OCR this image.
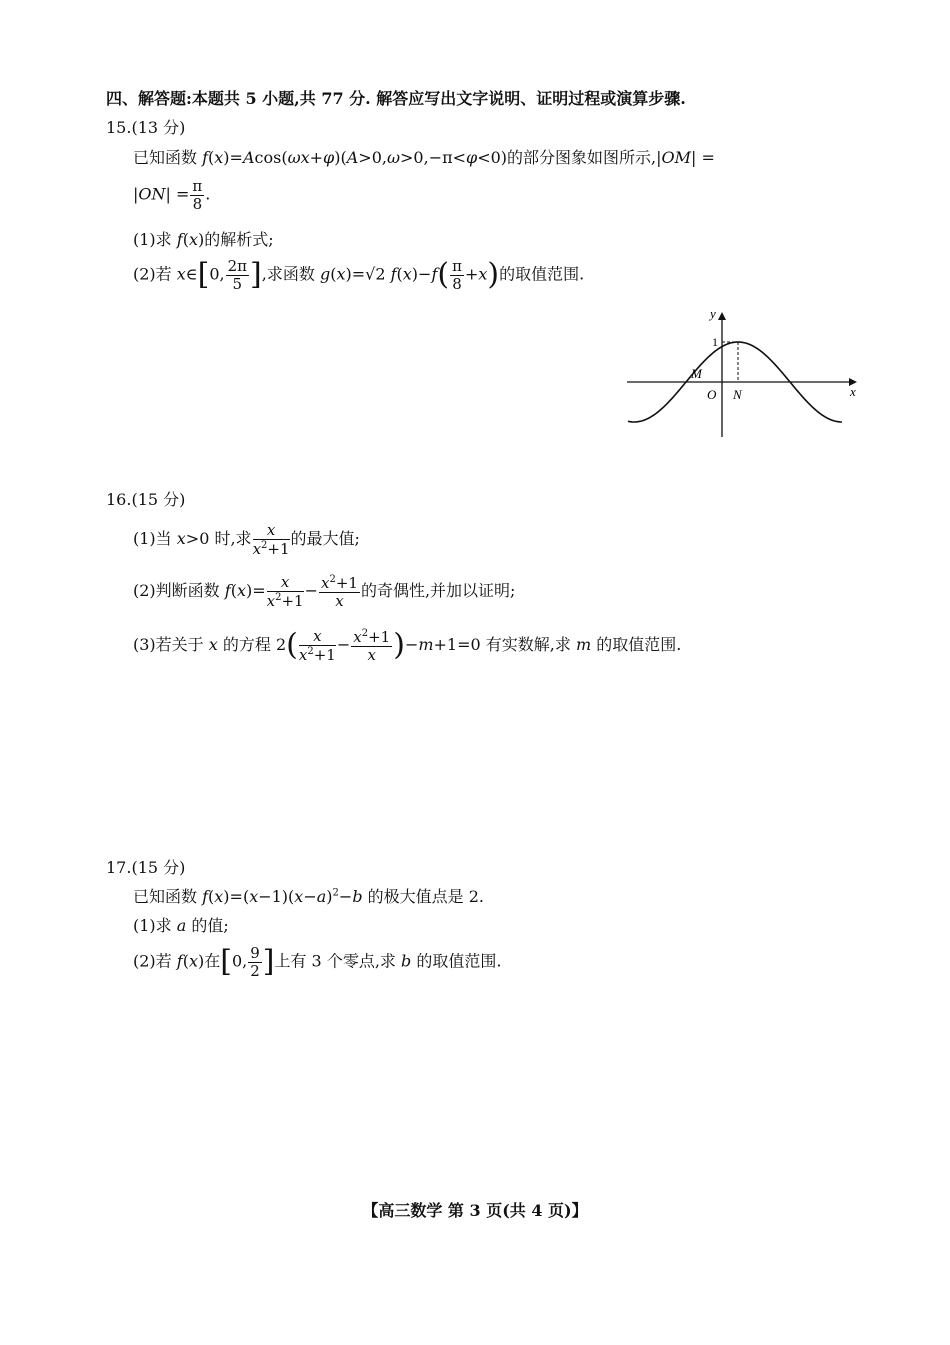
四、解答题:本题共 5 小题,共 77 分. 解答应写出文字说明、证明过程或演算步骤.
15.(13 分)
已知函数 f(x)=Acos(ωx+φ)(A>0,ω>0,−π<φ<0)的部分图象如图所示,|OM| =
$|ON| = \frac{\pi}{8}$ .
(1)求 f(x)的解析式;
(2)若 x∈[0, $\frac{2\pi}{5}$ ],求函数 g(x)=√2 $f(x)-f( \frac{\pi}{8} +x)$的取值范围.
y
x
1
M
O N
16.(15 分)
(1)当 x>0 时,求 $\frac{x}{x^2+1}$ 的最大值;
(2)判断函数 $f(x)= \frac{x}{x^2+1} - \frac{x^2+1}{x}$ 的奇偶性,并加以证明;
(3)若关于 x 的方程 $2( \frac{x}{x^2+1} - \frac{x^2+1}{x} )-m+1=0$ 有实数解,求 m 的取值范围.
17.(15 分)
已知函数 $f(x)=(x-1)(x-a)^2-b$ 的极大值点是 2.
(1)求 a 的值;
(2)若 f(x)在[0, $\frac{9}{2}$ ]上有 3 个零点,求 b 的取值范围.
【高三数学 第 3 页(共 4 页)】
